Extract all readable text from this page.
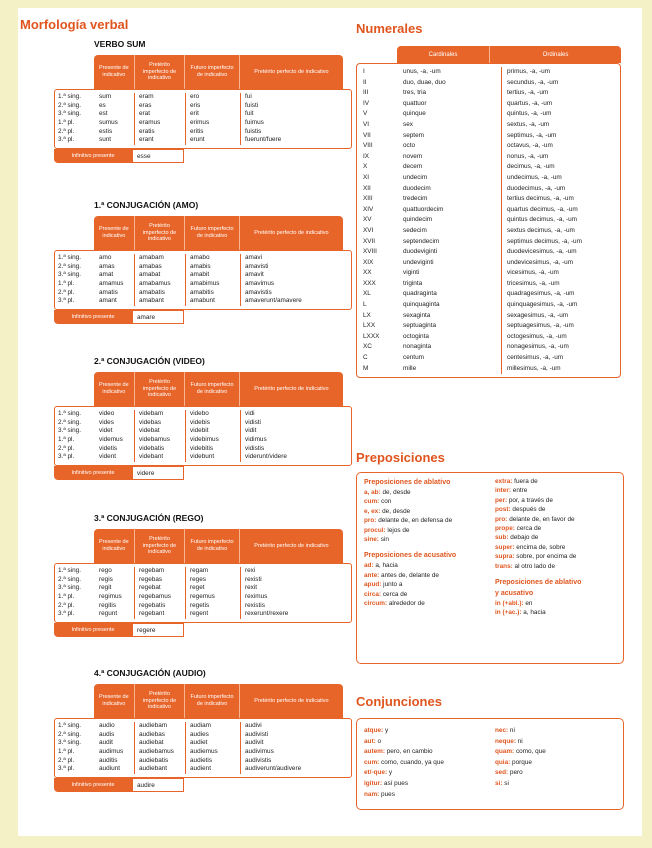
Morfología verbal
VERBO SUM
Presente de indicativo
Pretérito imperfecto de indicativo
Futuro imperfecto de indicativo
Pretérito perfecto de indicativo
1.ª sing.	sum	eram	ero	fui
2.ª sing.	es	eras	eris	fuisti
3.ª sing.	est	erat	erit	fuit
1.ª pl.	sumus	eramus	erimus	fuimus
2.ª pl.	estis	eratis	eritis	fuistis
3.ª pl.	sunt	erant	erunt	fuerunt/fuere
Infinitivo presente	esse
1.ª CONJUGACIÓN (AMO)
Presente de indicativo
Pretérito imperfecto de indicativo
Futuro imperfecto de indicativo
Pretérito perfecto de indicativo
1.ª sing.	amo	amabam	amabo	amavi
2.ª sing.	amas	amabas	amabis	amavisti
3.ª sing.	amat	amabat	amabit	amavit
1.ª pl.	amamus	amabamus	amabimus	amavimus
2.ª pl.	amatis	amabatis	amabitis	amavistis
3.ª pl.	amant	amabant	amabunt	amaverunt/amavere
Infinitivo presente	amare
2.ª CONJUGACIÓN (VIDEO)
Presente de indicativo
Pretérito imperfecto de indicativo
Futuro imperfecto de indicativo
Pretérito perfecto de indicativo
1.ª sing.	video	videbam	videbo	vidi
2.ª sing.	vides	videbas	videbis	vidisti
3.ª sing.	videt	videbat	videbit	vidit
1.ª pl.	videmus	videbamus	videbimus	vidimus
2.ª pl.	videtis	videbatis	videbitis	vidistis
3.ª pl.	vident	videbant	videbunt	viderunt/videre
Infinitivo presente	videre
3.ª CONJUGACIÓN (REGO)
Presente de indicativo
Pretérito imperfecto de indicativo
Futuro imperfecto de indicativo
Pretérito perfecto de indicativo
1.ª sing.	rego	regebam	regam	rexi
2.ª sing.	regis	regebas	reges	rexisti
3.ª sing.	regit	regebat	reget	rexit
1.ª pl.	regimus	regebamus	regemus	reximus
2.ª pl.	regitis	regebatis	regetis	rexistis
3.ª pl.	regunt	regebant	regent	rexerunt/rexere
Infinitivo presente	regere
4.ª CONJUGACIÓN (AUDIO)
Presente de indicativo
Pretérito imperfecto de indicativo
Futuro imperfecto de indicativo
Pretérito perfecto de indicativo
1.ª sing.	audio	audiebam	audiam	audivi
2.ª sing.	audis	audiebas	audies	audivisti
3.ª sing.	audit	audiebat	audiet	audivit
1.ª pl.	audimus	audiebamus	audiemus	audivimus
2.ª pl.	auditis	audiebatis	audietis	audivistis
3.ª pl.	audiunt	audiebant	audient	audiverunt/audivere
Infinitivo presente	audire
Numerales
Cardinales	Ordinales
I	unus, -a, -um	primus, -a, -um
II	duo, duae, duo	secundus, -a, -um
III	tres, tria	tertius, -a, -um
IV	quattuor	quartus, -a, -um
V	quinque	quintus, -a, -um
VI	sex	sextus, -a, -um
VII	septem	septimus, -a, -um
VIII	octo	octavus, -a, -um
IX	novem	nonus, -a, -um
X	decem	decimus, -a, -um
XI	undecim	undecimus, -a, -um
XII	duodecim	duodecimus, -a, -um
XIII	tredecim	tertius decimus, -a, -um
XIV	quattuordecim	quartus decimus, -a, -um
XV	quindecim	quintus decimus, -a, -um
XVI	sedecim	sextus decimus, -a, -um
XVII	septendecim	septimus decimus, -a, -um
XVIII	duodeviginti	duodevicesimus, -a, -um
XIX	undeviginti	undevicesimus, -a, -um
XX	viginti	vicesimus, -a, -um
XXX	triginta	tricesimus, -a, -um
XL	quadraginta	quadragesimus, -a, -um
L	quinquaginta	quinquagesimus, -a, -um
LX	sexaginta	sexagesimus, -a, -um
LXX	septuaginta	septuagesimus, -a, -um
LXXX	octoginta	octogesimus, -a, -um
XC	nonaginta	nonagesimus, -a, -um
C	centum	centesimus, -a, -um
M	mille	millesimus, -a, -um
Preposiciones
Preposiciones de ablativo
a, ab: de, desde
cum: con
e, ex: de, desde
pro: delante de, en defensa de
procul: lejos de
sine: sin
Preposiciones de acusativo
ad: a, hacia
ante: antes de, delante de
apud: junto a
circa: cerca de
circum: alrededor de
extra: fuera de
inter: entre
per: por, a través de
post: después de
pro: delante de, en favor de
prope: cerca de
sub: debajo de
super: encima de, sobre
supra: sobre, por encima de
trans: al otro lado de
Preposiciones de ablativo
y acusativo
in (+abl.): en
in (+ac.): a, hacia
Conjunciones
atque: y
aut: o
autem: pero, en cambio
cum: como, cuando, ya que
et/-que: y
igitur: así pues
nam: pues
nec: ni
neque: ni
quam: como, que
quia: porque
sed: pero
si: si
